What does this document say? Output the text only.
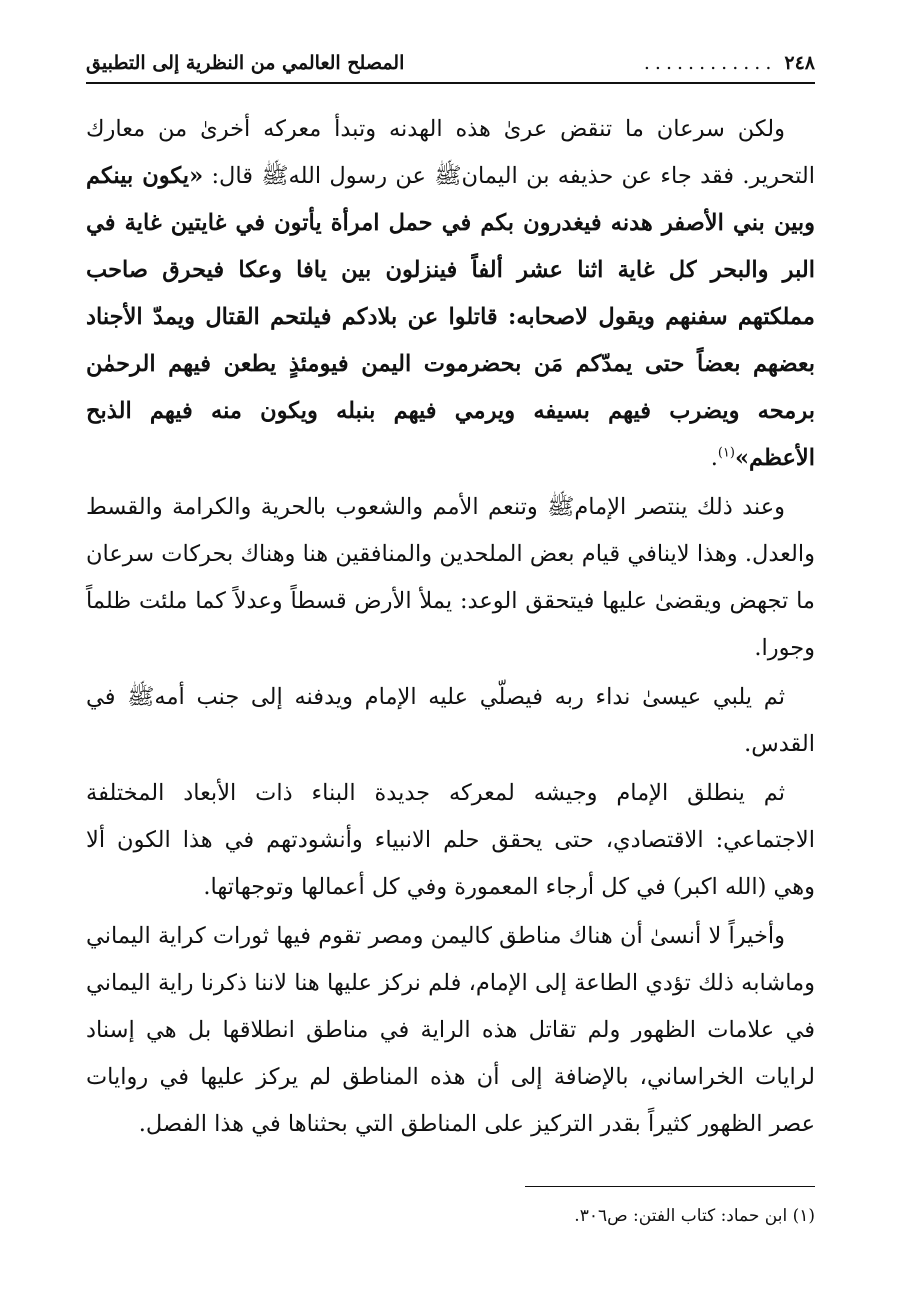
٢٤٨
............
المصلح العالمي من النظرية إلى التطبيق

ولكن سرعان ما تنقض عرىٰ هذه الهدنه وتبدأ معركه أخرىٰ من معارك التحرير. فقد جاء عن حذيفه بن اليمانﷺ عن رسول اللهﷺ قال: «يكون بينكم وبين بني الأصفر هدنه فيغدرون بكم في حمل امرأة يأتون في غايتين غاية في البر والبحر كل غاية اثنا عشر ألفاً فينزلون بين يافا وعكا فيحرق صاحب مملكتهم سفنهم ويقول لاصحابه: قاتلوا عن بلادكم فيلتحم القتال ويمدّ الأجناد بعضهم بعضاً حتى يمدّكم مَن بحضرموت اليمن فيومئذٍ يطعن فيهم الرحمٰن برمحه ويضرب فيهم بسيفه ويرمي فيهم بنبله ويكون منه فيهم الذبح الأعظم»$^{(١)}$.

وعند ذلك ينتصر الإمامﷺ وتنعم الأمم والشعوب بالحرية والكرامة والقسط والعدل. وهذا لاينافي قيام بعض الملحدين والمنافقين هنا وهناك بحركات سرعان ما تجهض ويقضىٰ عليها فيتحقق الوعد: يملأ الأرض قسطاً وعدلاً كما ملئت ظلماً وجورا.

ثم يلبي عيسىٰ نداء ربه فيصلّي عليه الإمام ويدفنه إلى جنب أمهﷺ في القدس.

ثم ينطلق الإمام وجيشه لمعركه جديدة البناء ذات الأبعاد المختلفة الاجتماعي: الاقتصادي، حتى يحقق حلم الانبياء وأنشودتهم في هذا الكون ألا وهي (الله اكبر) في كل أرجاء المعمورة وفي كل أعمالها وتوجهاتها.

وأخيراً لا أنسىٰ أن هناك مناطق كاليمن ومصر تقوم فيها ثورات كراية اليماني وماشابه ذلك تؤدي الطاعة إلى الإمام، فلم نركز عليها هنا لاننا ذكرنا راية اليماني في علامات الظهور ولم تقاتل هذه الراية في مناطق انطلاقها بل هي إسناد لرايات الخراساني، بالإضافة إلى أن هذه المناطق لم يركز عليها في روايات عصر الظهور كثيراً بقدر التركيز على المناطق التي بحثناها في هذا الفصل.

(١) ابن حماد: كتاب الفتن: ص٣٠٦.
